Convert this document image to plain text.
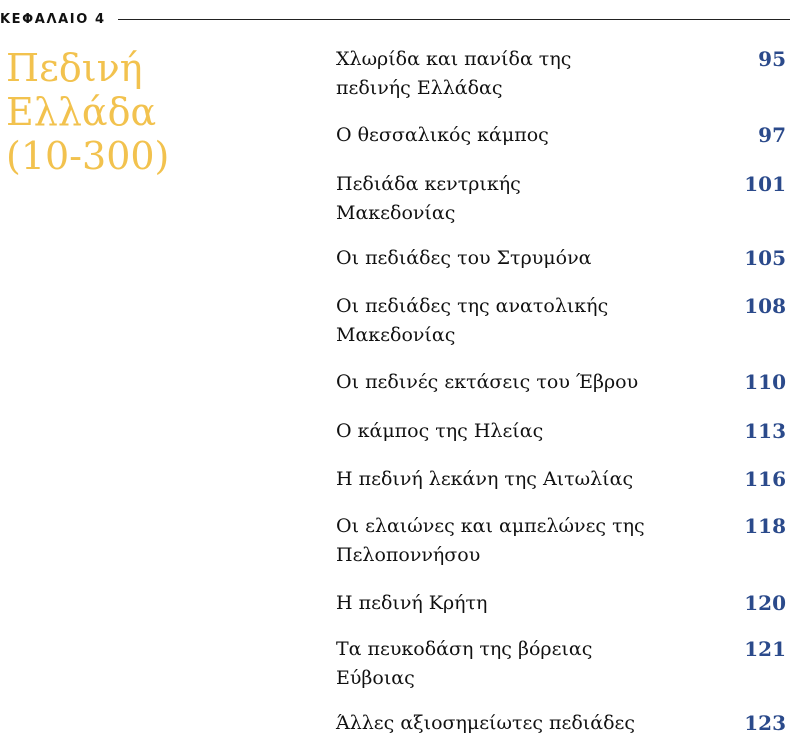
ΚΕΦΑΛΑΙΟ 4
Πεδινή
Ελλάδα
(10-300)
Χλωρίδα και πανίδα της
πεδινής Ελλάδας
95
Ο θεσσαλικός κάμπος	97
Πεδιάδα κεντρικής
Μακεδονίας
101
Οι πεδιάδες του Στρυμόνα	105
Οι πεδιάδες της ανατολικής
Μακεδονίας
108
Οι πεδινές εκτάσεις του Έβρου	110
Ο κάμπος της Ηλείας	113
Η πεδινή λεκάνη της Αιτωλίας	116
Οι ελαιώνες και αμπελώνες της
Πελοποννήσου
118
Η πεδινή Κρήτη	120
Τα πευκοδάση της βόρειας
Εύβοιας
121
Άλλες αξιοσημείωτες πεδιάδες	123
